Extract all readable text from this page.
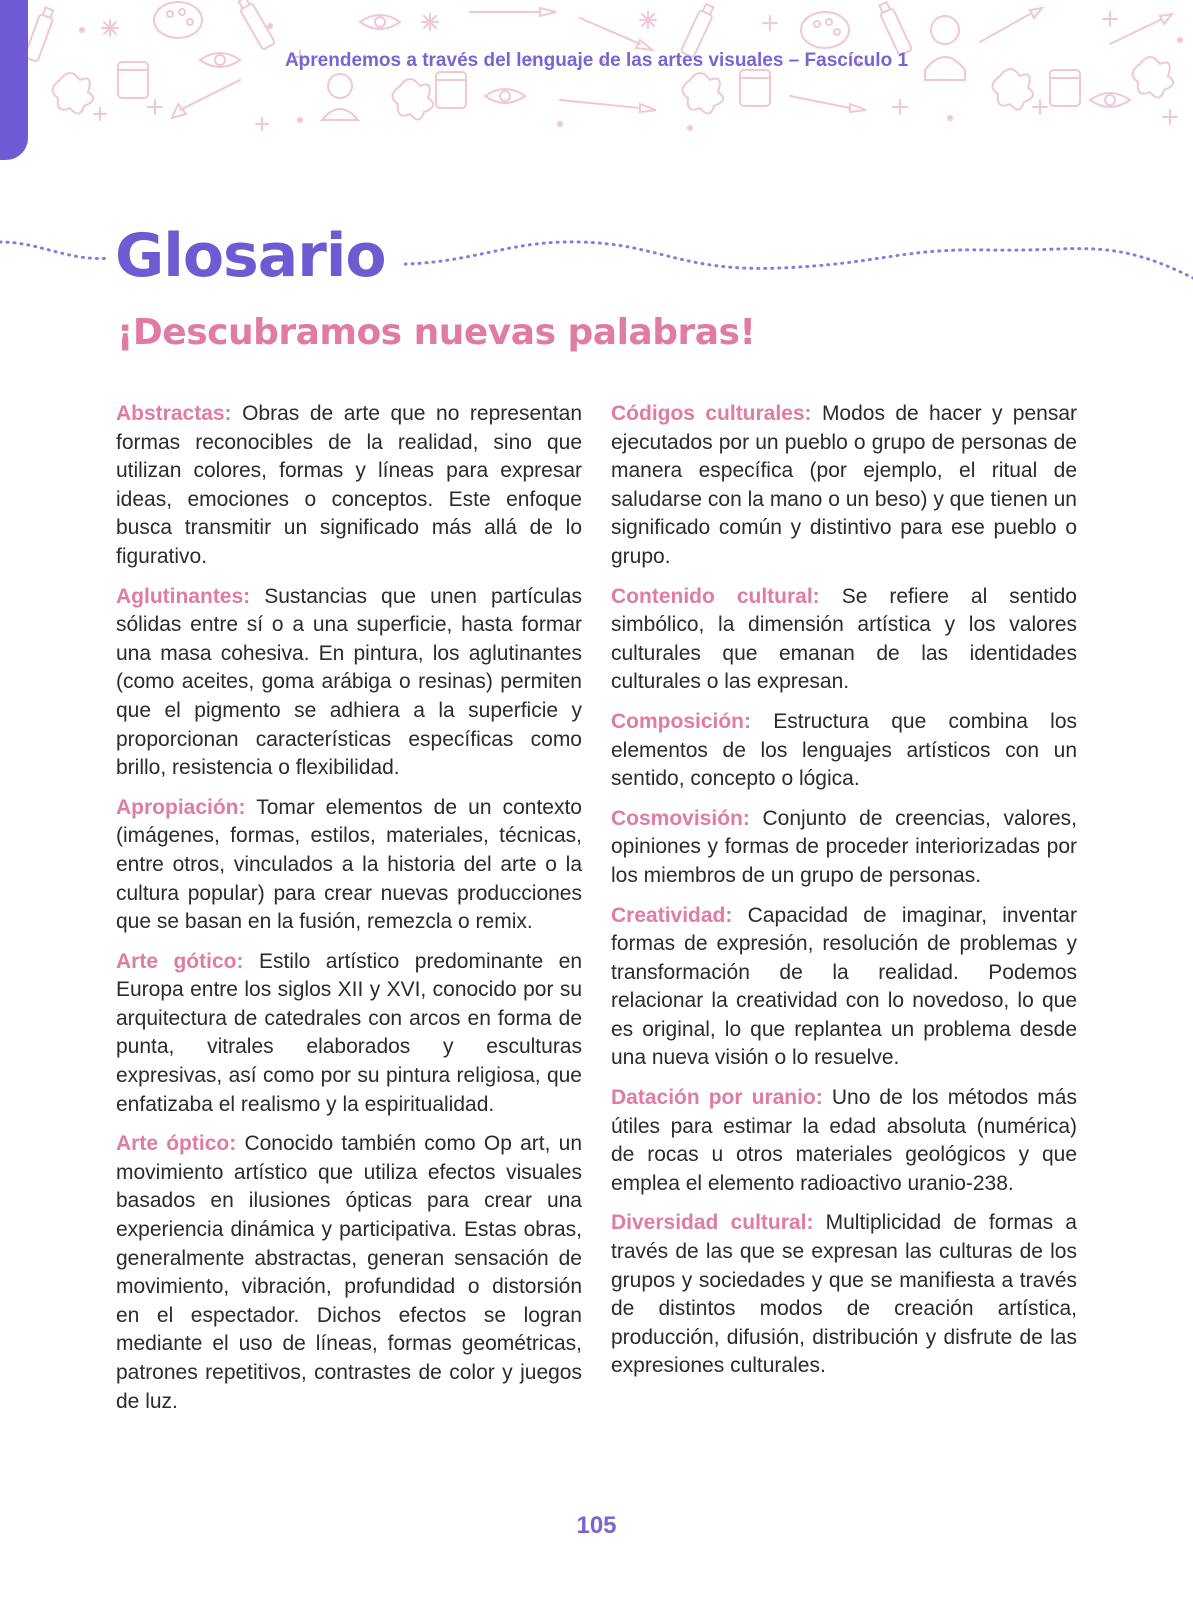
Aprendemos a través del lenguaje de las artes visuales – Fascículo 1
Glosario
¡Descubramos nuevas palabras!

Abstractas: Obras de arte que no representan formas reconocibles de la realidad, sino que utilizan colores, formas y líneas para expresar ideas, emociones o conceptos. Este enfoque busca transmitir un significado más allá de lo figurativo.

Aglutinantes: Sustancias que unen partículas sólidas entre sí o a una superficie, hasta formar una masa cohesiva. En pintura, los aglutinantes (como aceites, goma arábiga o resinas) permiten que el pigmento se adhiera a la superficie y proporcionan características específicas como brillo, resistencia o flexibilidad.

Apropiación: Tomar elementos de un contexto (imágenes, formas, estilos, materiales, técnicas, entre otros, vinculados a la historia del arte o la cultura popular) para crear nuevas producciones que se basan en la fusión, remezcla o remix.

Arte gótico: Estilo artístico predominante en Europa entre los siglos XII y XVI, conocido por su arquitectura de catedrales con arcos en forma de punta, vitrales elaborados y esculturas expresivas, así como por su pintura religiosa, que enfatizaba el realismo y la espiritualidad.

Arte óptico: Conocido también como Op art, un movimiento artístico que utiliza efectos visuales basados en ilusiones ópticas para crear una experiencia dinámica y participativa. Estas obras, generalmente abstractas, generan sensación de movimiento, vibración, profundidad o distorsión en el espectador. Dichos efectos se logran mediante el uso de líneas, formas geométricas, patrones repetitivos, contrastes de color y juegos de luz.

Códigos culturales: Modos de hacer y pensar ejecutados por un pueblo o grupo de personas de manera específica (por ejemplo, el ritual de saludarse con la mano o un beso) y que tienen un significado común y distintivo para ese pueblo o grupo.

Contenido cultural: Se refiere al sentido simbólico, la dimensión artística y los valores culturales que emanan de las identidades culturales o las expresan.

Composición: Estructura que combina los elementos de los lenguajes artísticos con un sentido, concepto o lógica.

Cosmovisión: Conjunto de creencias, valores, opiniones y formas de proceder interiorizadas por los miembros de un grupo de personas.

Creatividad: Capacidad de imaginar, inventar formas de expresión, resolución de problemas y transformación de la realidad. Podemos relacionar la creatividad con lo novedoso, lo que es original, lo que replantea un problema desde una nueva visión o lo resuelve.

Datación por uranio: Uno de los métodos más útiles para estimar la edad absoluta (numérica) de rocas u otros materiales geológicos y que emplea el elemento radioactivo uranio-238.

Diversidad cultural: Multiplicidad de formas a través de las que se expresan las culturas de los grupos y sociedades y que se manifiesta a través de distintos modos de creación artística, producción, difusión, distribución y disfrute de las expresiones culturales.

105
